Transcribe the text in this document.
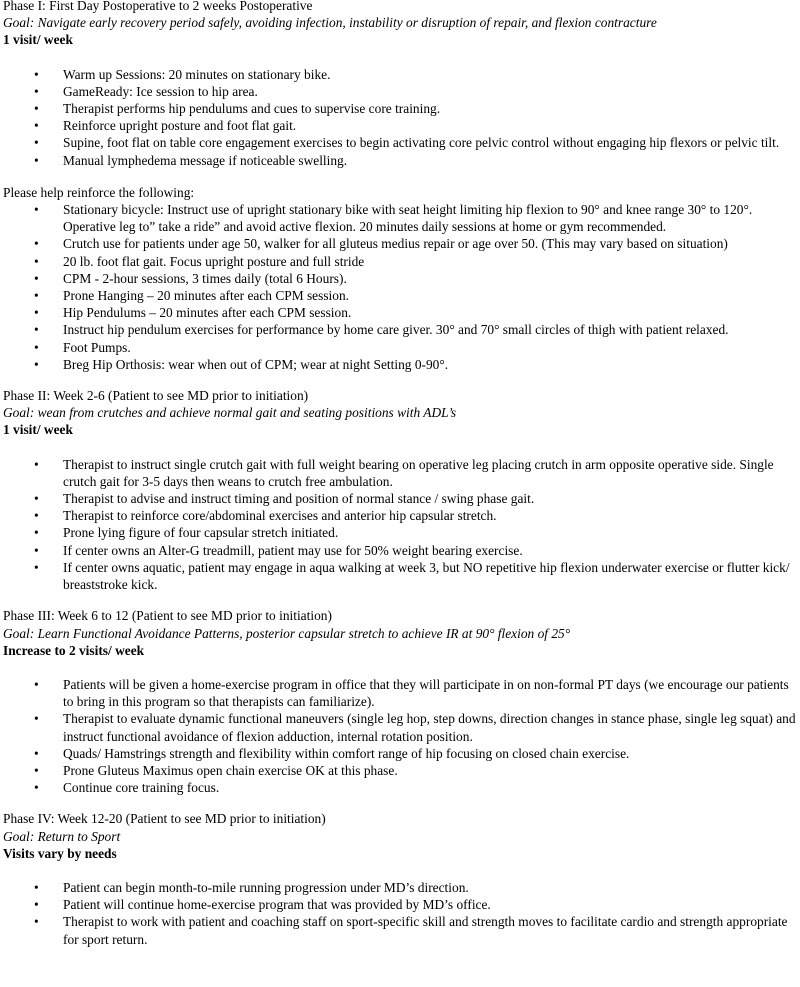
Phase I: First Day Postoperative to 2 weeks Postoperative
Goal: Navigate early recovery period safely, avoiding infection, instability or disruption of repair, and flexion contracture
1 visit/ week
• Warm up Sessions: 20 minutes on stationary bike.
• GameReady: Ice session to hip area.
• Therapist performs hip pendulums and cues to supervise core training.
• Reinforce upright posture and foot flat gait.
• Supine, foot flat on table core engagement exercises to begin activating core pelvic control without engaging hip flexors or pelvic tilt.
• Manual lymphedema message if noticeable swelling.
Please help reinforce the following:
• Stationary bicycle: Instruct use of upright stationary bike with seat height limiting hip flexion to 90° and knee range 30° to 120°. Operative leg to” take a ride” and avoid active flexion. 20 minutes daily sessions at home or gym recommended.
• Crutch use for patients under age 50, walker for all gluteus medius repair or age over 50. (This may vary based on situation)
• 20 lb. foot flat gait. Focus upright posture and full stride
• CPM - 2-hour sessions, 3 times daily (total 6 Hours).
• Prone Hanging – 20 minutes after each CPM session.
• Hip Pendulums – 20 minutes after each CPM session.
• Instruct hip pendulum exercises for performance by home care giver. 30° and 70° small circles of thigh with patient relaxed.
• Foot Pumps.
• Breg Hip Orthosis: wear when out of CPM; wear at night Setting 0-90°.
Phase II: Week 2-6 (Patient to see MD prior to initiation)
Goal: wean from crutches and achieve normal gait and seating positions with ADL’s
1 visit/ week
• Therapist to instruct single crutch gait with full weight bearing on operative leg placing crutch in arm opposite operative side. Single crutch gait for 3-5 days then weans to crutch free ambulation.
• Therapist to advise and instruct timing and position of normal stance / swing phase gait.
• Therapist to reinforce core/abdominal exercises and anterior hip capsular stretch.
• Prone lying figure of four capsular stretch initiated.
• If center owns an Alter-G treadmill, patient may use for 50% weight bearing exercise.
• If center owns aquatic, patient may engage in aqua walking at week 3, but NO repetitive hip flexion underwater exercise or flutter kick/ breaststroke kick.
Phase III: Week 6 to 12 (Patient to see MD prior to initiation)
Goal: Learn Functional Avoidance Patterns, posterior capsular stretch to achieve IR at 90° flexion of 25°
Increase to 2 visits/ week
• Patients will be given a home-exercise program in office that they will participate in on non-formal PT days (we encourage our patients to bring in this program so that therapists can familiarize).
• Therapist to evaluate dynamic functional maneuvers (single leg hop, step downs, direction changes in stance phase, single leg squat) and instruct functional avoidance of flexion adduction, internal rotation position.
• Quads/ Hamstrings strength and flexibility within comfort range of hip focusing on closed chain exercise.
• Prone Gluteus Maximus open chain exercise OK at this phase.
• Continue core training focus.
Phase IV: Week 12-20 (Patient to see MD prior to initiation)
Goal: Return to Sport
Visits vary by needs
• Patient can begin month-to-mile running progression under MD’s direction.
• Patient will continue home-exercise program that was provided by MD’s office.
• Therapist to work with patient and coaching staff on sport-specific skill and strength moves to facilitate cardio and strength appropriate for sport return.
